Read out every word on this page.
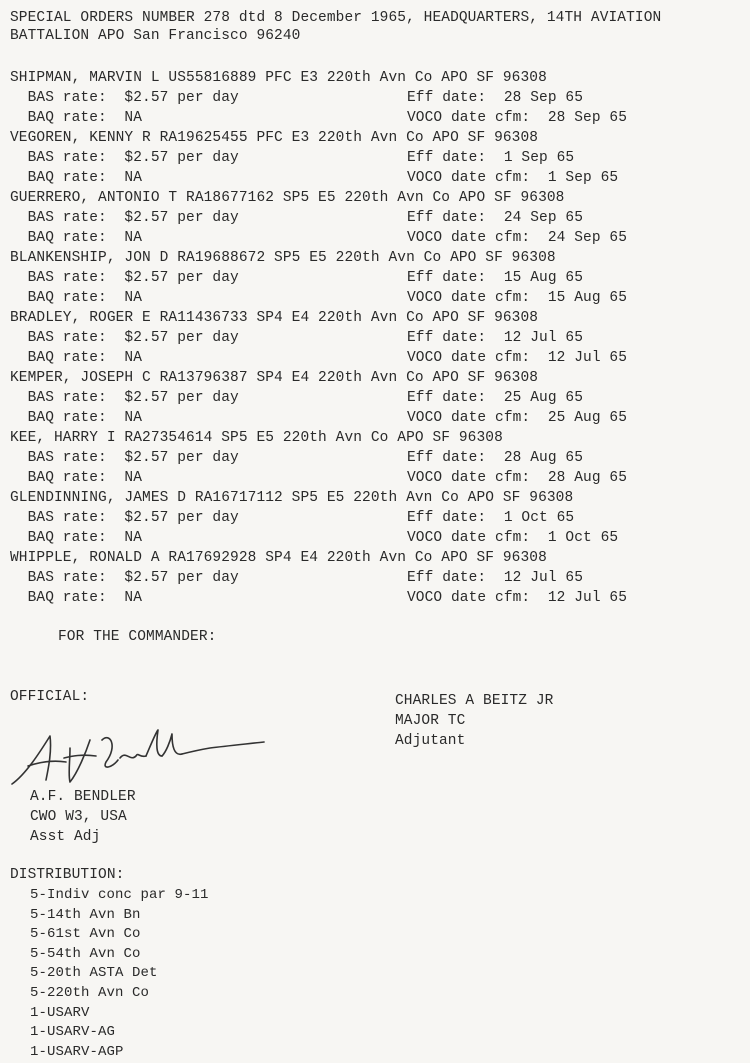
SPECIAL ORDERS NUMBER 278 dtd 8 December 1965, HEADQUARTERS, 14TH AVIATION
BATTALION APO San Francisco 96240
SHIPMAN, MARVIN L US55816889 PFC E3 220th Avn Co APO SF 96308
BAS rate:  $2.57 per day	Eff date:  28 Sep 65
BAQ rate:  NA	VOCO date cfm:  28 Sep 65
VEGOREN, KENNY R RA19625455 PFC E3 220th Avn Co APO SF 96308
BAS rate:  $2.57 per day	Eff date:  1 Sep 65
BAQ rate:  NA	VOCO date cfm:  1 Sep 65
GUERRERO, ANTONIO T RA18677162 SP5 E5 220th Avn Co APO SF 96308
BAS rate:  $2.57 per day	Eff date:  24 Sep 65
BAQ rate:  NA	VOCO date cfm:  24 Sep 65
BLANKENSHIP, JON D RA19688672 SP5 E5 220th Avn Co APO SF 96308
BAS rate:  $2.57 per day	Eff date:  15 Aug 65
BAQ rate:  NA	VOCO date cfm:  15 Aug 65
BRADLEY, ROGER E RA11436733 SP4 E4 220th Avn Co APO SF 96308
BAS rate:  $2.57 per day	Eff date:  12 Jul 65
BAQ rate:  NA	VOCO date cfm:  12 Jul 65
KEMPER, JOSEPH C RA13796387 SP4 E4 220th Avn Co APO SF 96308
BAS rate:  $2.57 per day	Eff date:  25 Aug 65
BAQ rate:  NA	VOCO date cfm:  25 Aug 65
KEE, HARRY I RA27354614 SP5 E5 220th Avn Co APO SF 96308
BAS rate:  $2.57 per day	Eff date:  28 Aug 65
BAQ rate:  NA	VOCO date cfm:  28 Aug 65
GLENDINNING, JAMES D RA16717112 SP5 E5 220th Avn Co APO SF 96308
BAS rate:  $2.57 per day	Eff date:  1 Oct 65
BAQ rate:  NA	VOCO date cfm:  1 Oct 65
WHIPPLE, RONALD A RA17692928 SP4 E4 220th Avn Co APO SF 96308
BAS rate:  $2.57 per day	Eff date:  12 Jul 65
BAQ rate:  NA	VOCO date cfm:  12 Jul 65
FOR THE COMMANDER:
OFFICIAL:	CHARLES A BEITZ JR
MAJOR TC
Adjutant
A.F. BENDLER
CWO W3, USA
Asst Adj
DISTRIBUTION:
5-Indiv conc par 9-11
5-14th Avn Bn
5-61st Avn Co
5-54th Avn Co
5-20th ASTA Det
5-220th Avn Co
1-USARV
1-USARV-AG
1-USARV-AGP
